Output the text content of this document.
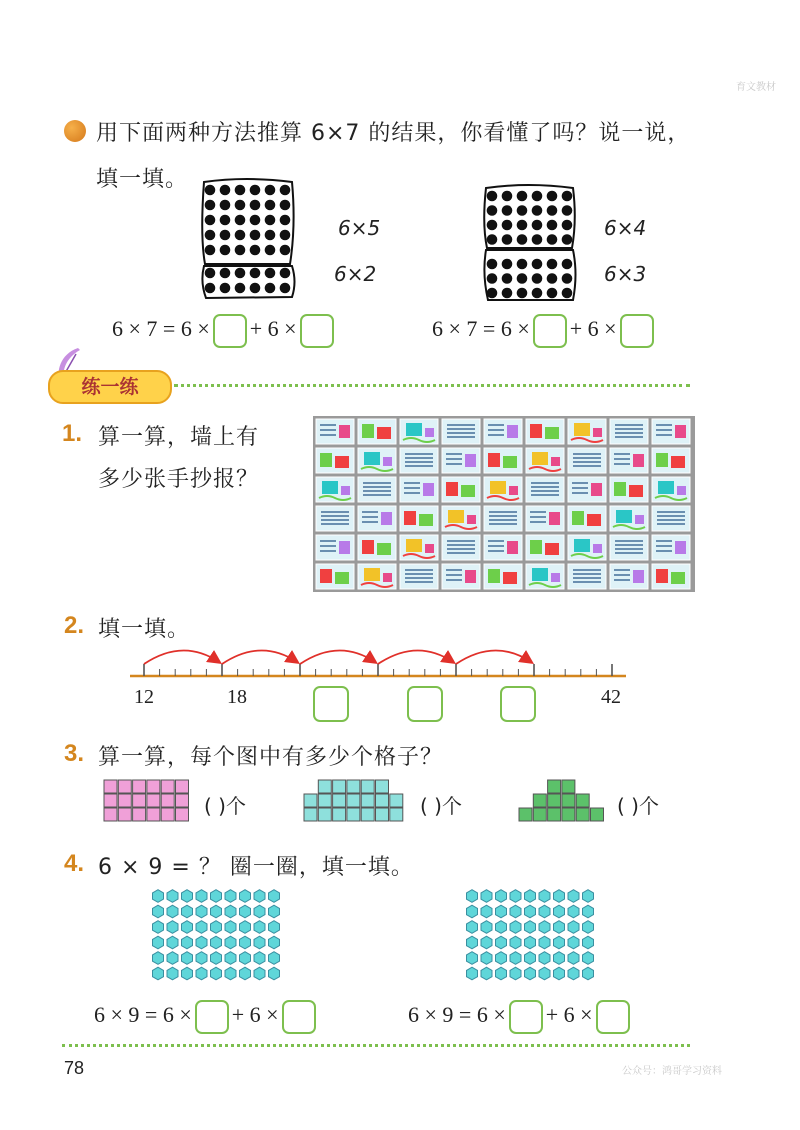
育文教材
用下面两种方法推算 6×7 的结果，你看懂了吗？说一说，
填一填。
6×5
6×2
6×4
6×3
6 × 7 = 6 × + 6 ×	6 × 7 = 6 × + 6 ×
练一练
1. 算一算，墙上有
多少张手抄报？
2. 填一填。
12	18	42
3. 算一算，每个图中有多少个格子？
( )个	( )个	( )个
4. 6 × 9 = ？ 圈一圈，填一填。
6 × 9 = 6 × + 6 ×	6 × 9 = 6 × + 6 ×
78	公众号：鸿哥学习资料
